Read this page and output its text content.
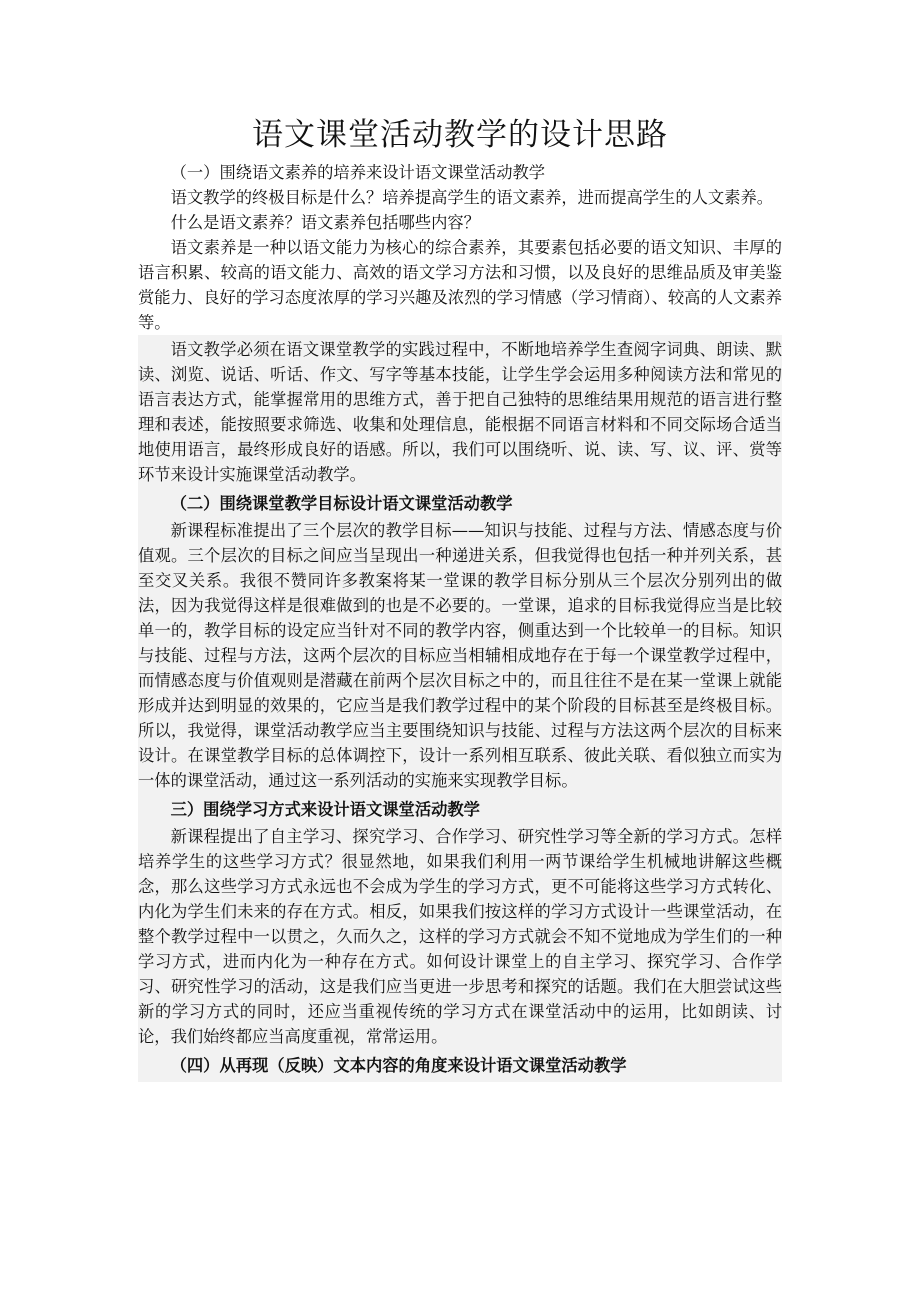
语文课堂活动教学的设计思路

（一）围绕语文素养的培养来设计语文课堂活动教学

语文教学的终极目标是什么？培养提高学生的语文素养，进而提高学生的人文素养。

什么是语文素养？语文素养包括哪些内容？

语文素养是一种以语文能力为核心的综合素养，其要素包括必要的语文知识、丰厚的语言积累、较高的语文能力、高效的语文学习方法和习惯，以及良好的思维品质及审美鉴赏能力、良好的学习态度浓厚的学习兴趣及浓烈的学习情感（学习情商）、较高的人文素养等。

语文教学必须在语文课堂教学的实践过程中，不断地培养学生查阅字词典、朗读、默读、浏览、说话、听话、作文、写字等基本技能，让学生学会运用多种阅读方法和常见的语言表达方式，能掌握常用的思维方式，善于把自己独特的思维结果用规范的语言进行整理和表述，能按照要求筛选、收集和处理信息，能根据不同语言材料和不同交际场合适当地使用语言，最终形成良好的语感。所以，我们可以围绕听、说、读、写、议、评、赏等环节来设计实施课堂活动教学。

（二）围绕课堂教学目标设计语文课堂活动教学

新课程标准提出了三个层次的教学目标——知识与技能、过程与方法、情感态度与价值观。三个层次的目标之间应当呈现出一种递进关系，但我觉得也包括一种并列关系，甚至交叉关系。我很不赞同许多教案将某一堂课的教学目标分别从三个层次分别列出的做法，因为我觉得这样是很难做到的也是不必要的。一堂课，追求的目标我觉得应当是比较单一的，教学目标的设定应当针对不同的教学内容，侧重达到一个比较单一的目标。知识与技能、过程与方法，这两个层次的目标应当相辅相成地存在于每一个课堂教学过程中，而情感态度与价值观则是潜藏在前两个层次目标之中的，而且往往不是在某一堂课上就能形成并达到明显的效果的，它应当是我们教学过程中的某个阶段的目标甚至是终极目标。所以，我觉得，课堂活动教学应当主要围绕知识与技能、过程与方法这两个层次的目标来设计。在课堂教学目标的总体调控下，设计一系列相互联系、彼此关联、看似独立而实为一体的课堂活动，通过这一系列活动的实施来实现教学目标。

三）围绕学习方式来设计语文课堂活动教学

新课程提出了自主学习、探究学习、合作学习、研究性学习等全新的学习方式。怎样培养学生的这些学习方式？很显然地，如果我们利用一两节课给学生机械地讲解这些概念，那么这些学习方式永远也不会成为学生的学习方式，更不可能将这些学习方式转化、内化为学生们未来的存在方式。相反，如果我们按这样的学习方式设计一些课堂活动，在整个教学过程中一以贯之，久而久之，这样的学习方式就会不知不觉地成为学生们的一种学习方式，进而内化为一种存在方式。如何设计课堂上的自主学习、探究学习、合作学习、研究性学习的活动，这是我们应当更进一步思考和探究的话题。我们在大胆尝试这些新的学习方式的同时，还应当重视传统的学习方式在课堂活动中的运用，比如朗读、讨论，我们始终都应当高度重视，常常运用。

（四）从再现（反映）文本内容的角度来设计语文课堂活动教学
